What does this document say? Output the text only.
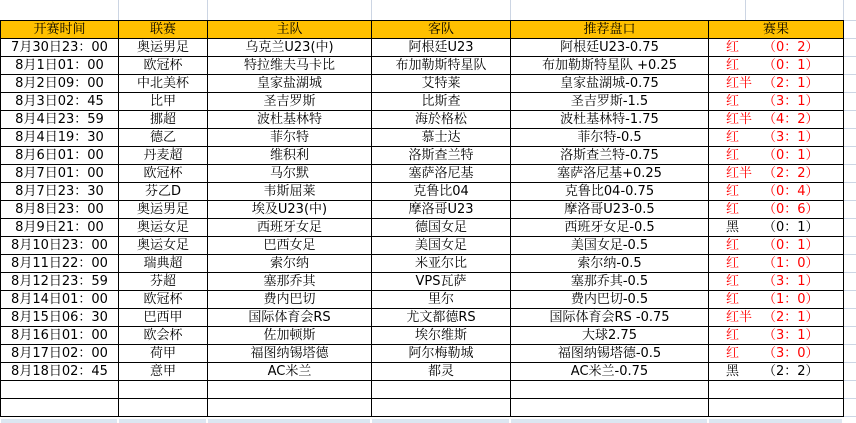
开赛时间	联赛	主队	客队	推荐盘口	赛果
7月30日23：00	奥运男足	乌克兰U23(中)	阿根廷U23	阿根廷U23-0.75	红 （0：2）
8月1日01：00	欧冠杯	特拉维夫马卡比	布加勒斯特星队	布加勒斯特星队 +0.25	红 （0：1）
8月2日09：00	中北美杯	皇家盐湖城	艾特莱	皇家盐湖城-0.75	红半 （2：1）
8月3日02：45	比甲	圣吉罗斯	比斯查	圣吉罗斯-1.5	红 （3：1）
8月4日23：59	挪超	波杜基林特	海於格松	波杜基林特-1.75	红半 （4：2）
8月4日19：30	德乙	菲尔特	慕士达	菲尔特-0.5	红 （3：1）
8月6日01：00	丹麦超	维积利	洛斯查兰特	洛斯查兰特-0.75	红 （0：1）
8月7日01：00	欧冠杯	马尔默	塞萨洛尼基	塞萨洛尼基+0.25	红半 （2：2）
8月7日23：30	芬乙D	韦斯屈莱	克鲁比04	克鲁比04-0.75	红 （0：4）
8月8日23：00	奥运男足	埃及U23(中)	摩洛哥U23	摩洛哥U23-0.5	红 （0：6）
8月9日21：00	奥运女足	西班牙女足	德国女足	西班牙女足-0.5	黑 （0：1）
8月10日23：00	奥运女足	巴西女足	美国女足	美国女足-0.5	红 （0：1）
8月11日22：00	瑞典超	索尔纳	米亚尔比	索尔纳-0.5	红 （1：0）
8月12日23：59	芬超	塞那乔其	VPS瓦萨	塞那乔其-0.5	红 （3：1）
8月14日01：00	欧冠杯	费内巴切	里尔	费内巴切-0.5	红 （1：0）
8月15日06：30	巴西甲	国际体育会RS	尤文都德RS	国际体育会RS -0.75	红半 （2：1）
8月16日01：00	欧会杯	佐加顿斯	埃尔维斯	大球2.75	红 （3：1）
8月17日02：00	荷甲	福图纳锡塔德	阿尔梅勒城	福图纳锡塔德-0.5	红 （3：0）
8月18日02：45	意甲	AC米兰	都灵	AC米兰-0.75	黑 （2：2）
